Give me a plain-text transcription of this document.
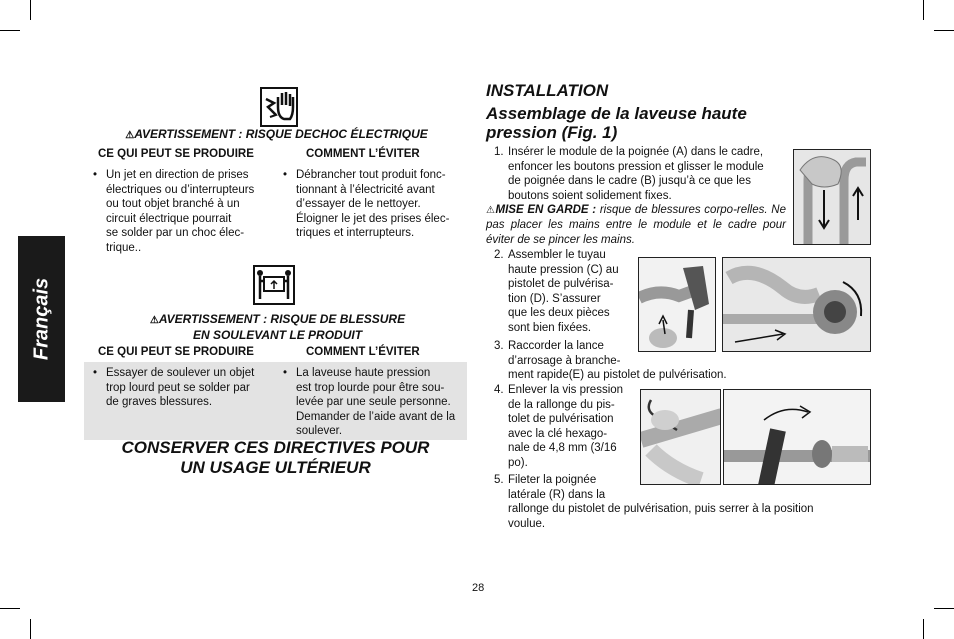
Français
⚠AVERTISSEMENT : RISQUE DECHOC ÉLECTRIQUE
CE QUI PEUT SE PRODUIRE	COMMENT L’ÉVITER
• Un jet en direction de prises
électriques ou d’interrupteurs
ou tout objet branché à un
circuit électrique pourrait
se solder par un choc élec-
trique..
• Débrancher tout produit fonc-
tionnant à l’électricité avant
d’essayer de le nettoyer.
Éloigner le jet des prises élec-
triques et interrupteurs.
⚠AVERTISSEMENT : RISQUE DE BLESSURE
EN SOULEVANT LE PRODUIT
CE QUI PEUT SE PRODUIRE	COMMENT L’ÉVITER
• Essayer de soulever un objet
trop lourd peut se solder par
de graves blessures.
• La laveuse haute pression
est trop lourde pour être sou-
levée par une seule personne.
Demander de l’aide avant de la
soulever.
CONSERVER CES DIRECTIVES POUR
UN USAGE ULTÉRIEUR
INSTALLATION
Assemblage de la laveuse haute
pression (Fig. 1)
1. Insérer le module de la poignée (A) dans le cadre,
enfoncer les boutons pression et glisser le module
de poignée dans le cadre (B) jusqu’à ce que les
boutons soient solidement fixes.
⚠MISE EN GARDE : risque de blessures corpo-relles. Ne pas placer les mains entre le module et le cadre pour éviter de se pincer les mains.
2. Assembler le tuyau
haute pression (C) au
pistolet de pulvérisa-
tion (D). S’assurer
que les deux pièces
sont bien fixées.
3. Raccorder la lance
d’arrosage à branche-
ment rapide(E) au pistolet de pulvérisation.
4. Enlever la vis pression
de la rallonge du pis-
tolet de pulvérisation
avec la clé hexago-
nale de 4,8 mm (3/16
po).
5. Fileter la poignée
latérale (R) dans la
rallonge du pistolet de pulvérisation, puis serrer à la position
voulue.
28
